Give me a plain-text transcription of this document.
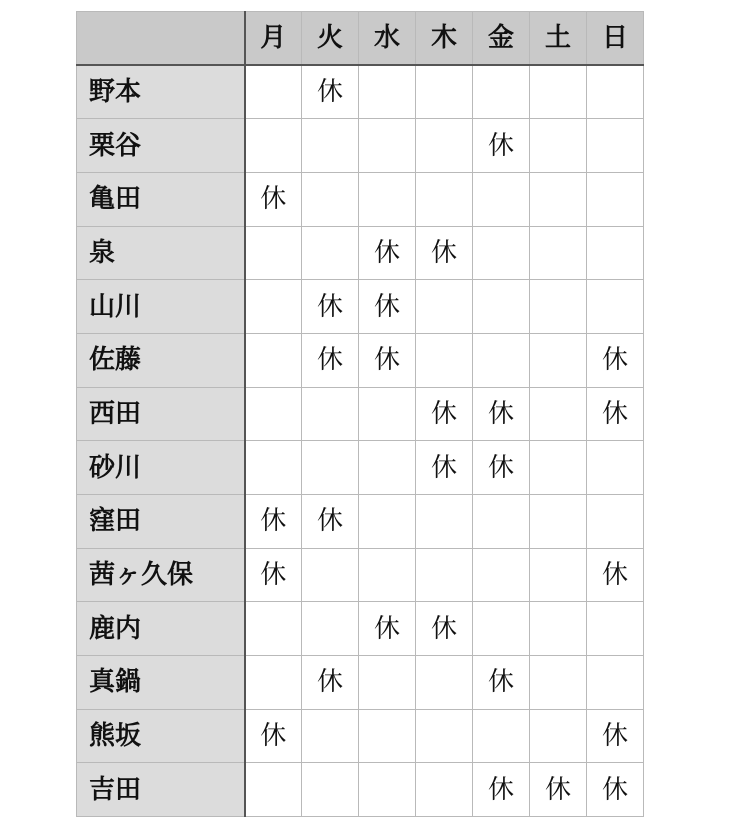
	月	火	水	木	金	土	日
野本		休					
栗谷					休		
亀田	休						
泉			休	休			
山川		休	休				
佐藤		休	休				休
西田				休	休		休
砂川				休	休		
窪田	休	休					
茜ヶ久保	休						休
鹿内			休	休			
真鍋		休			休		
熊坂	休						休
吉田					休	休	休
